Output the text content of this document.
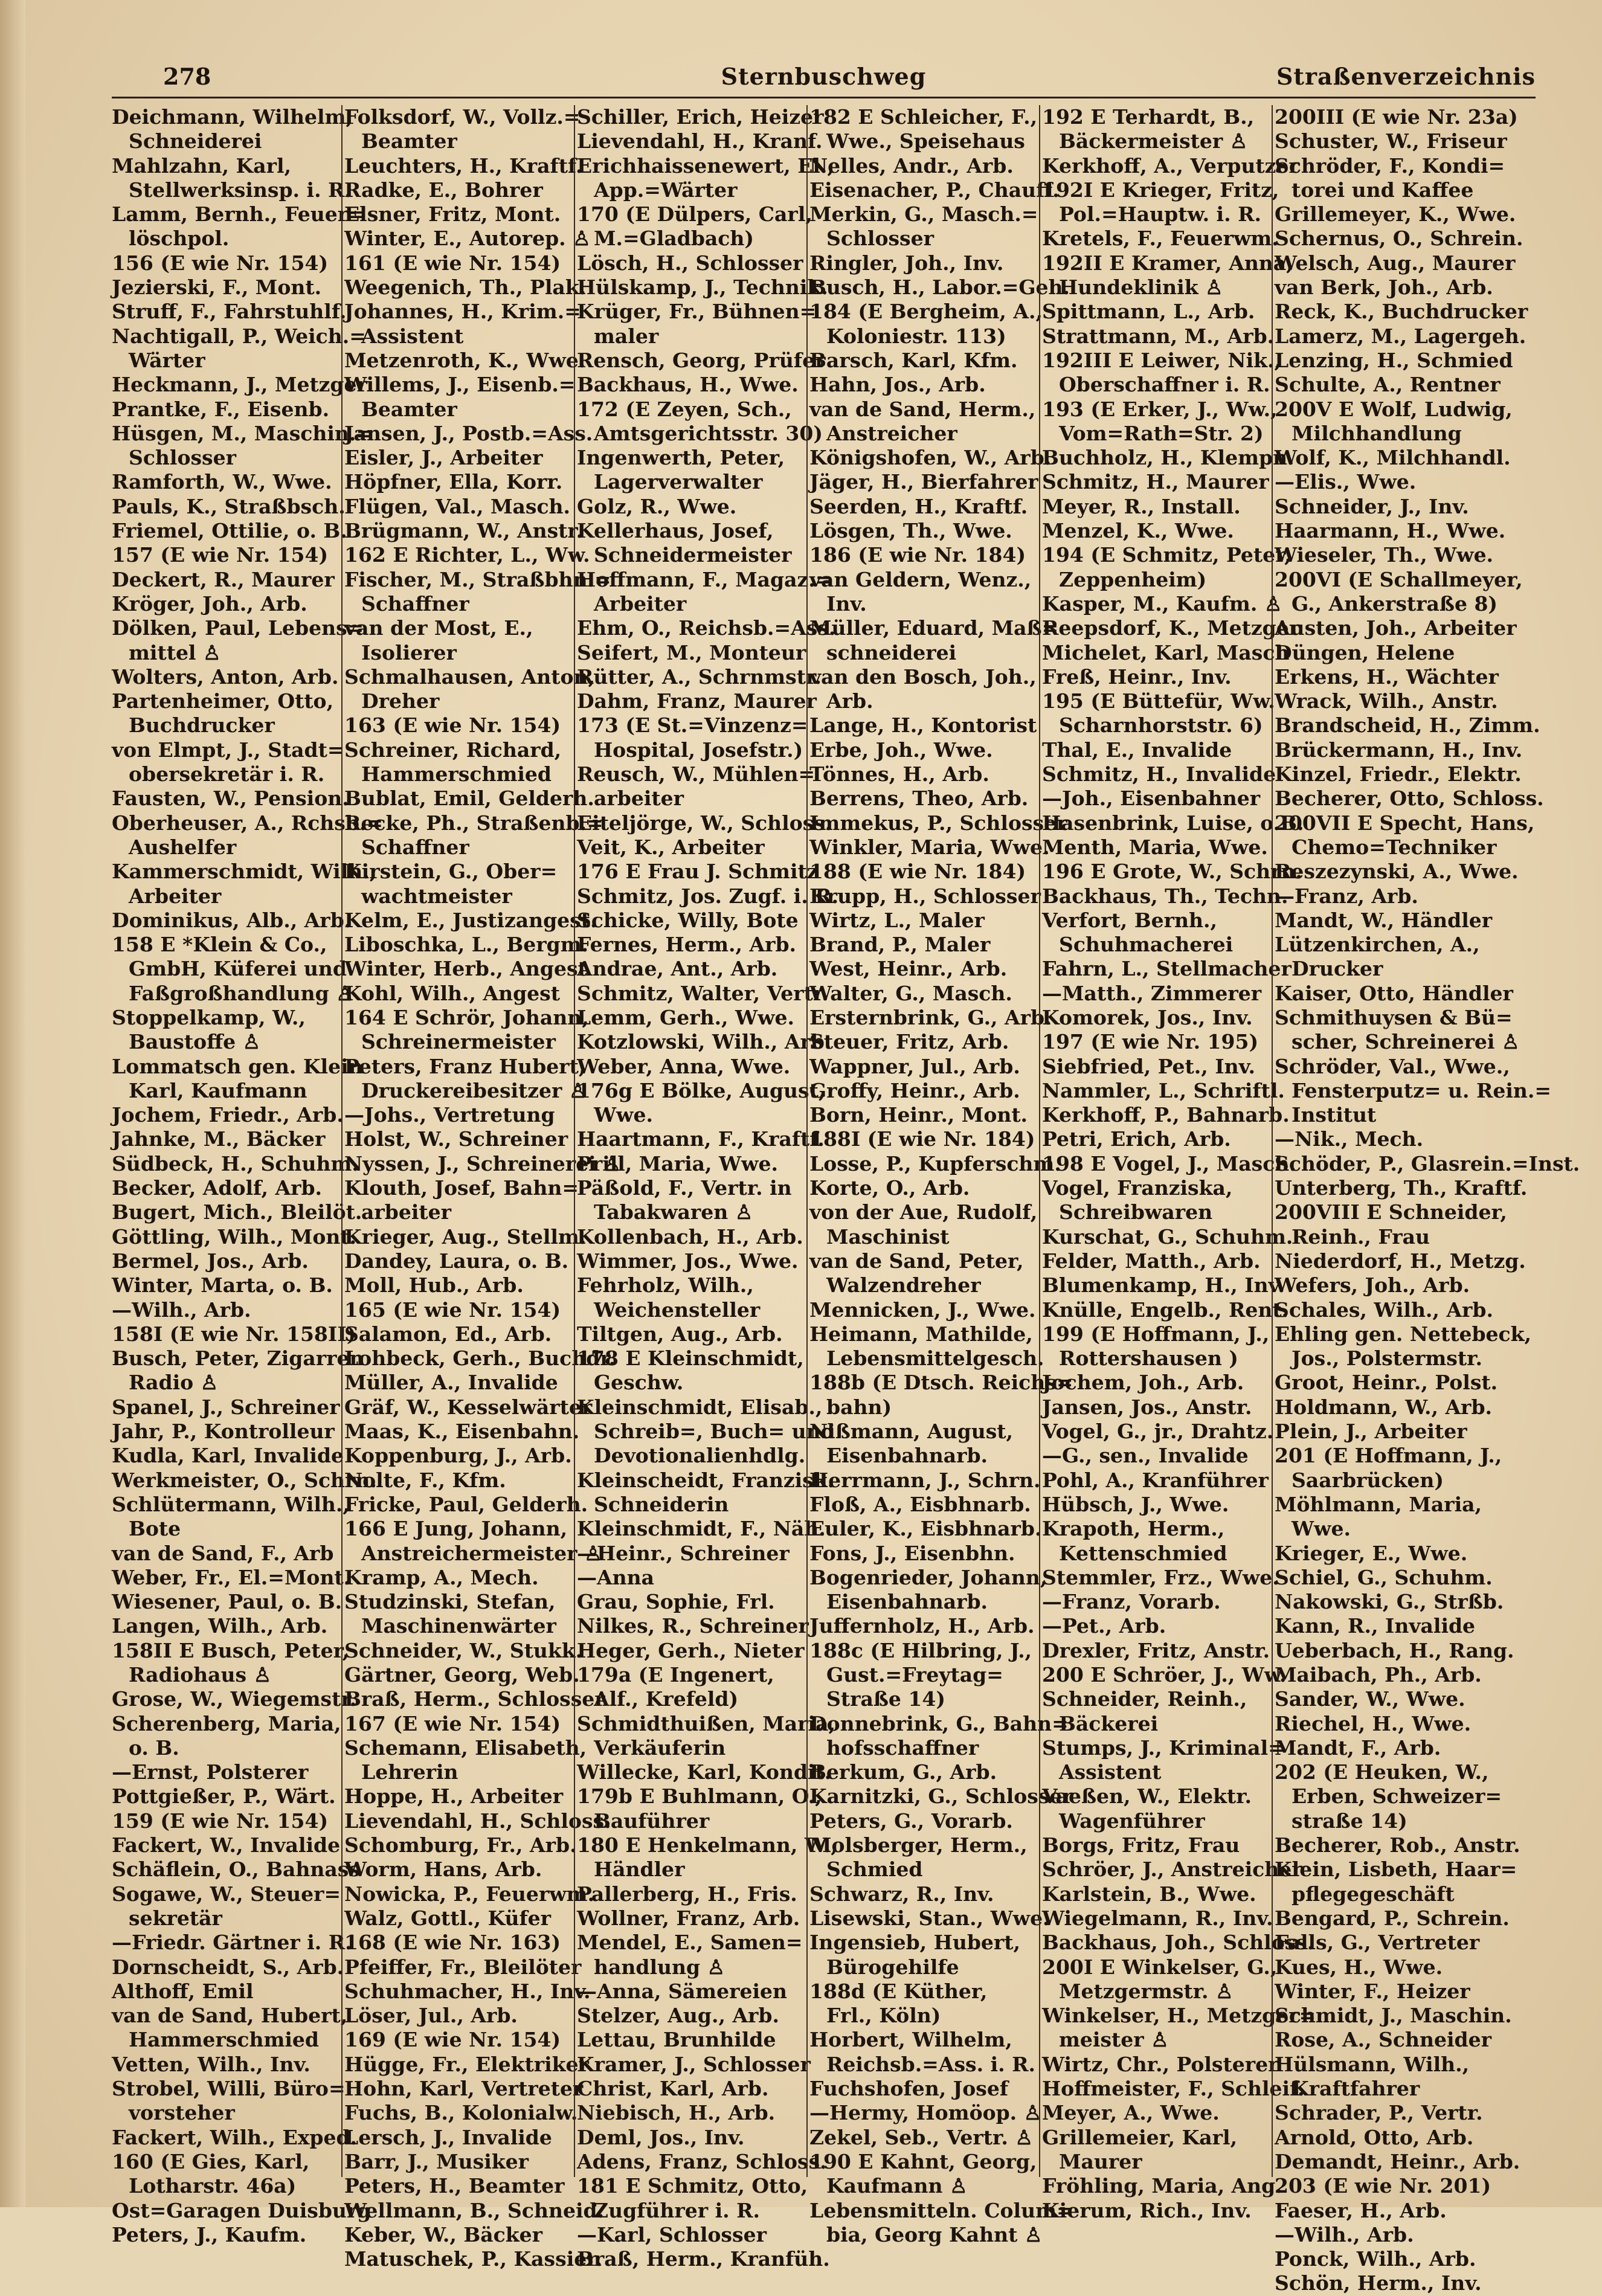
278	Sternbuschweg	Straßenverzeichnis
Deichmann, Wilhelm,
Schneiderei
Mahlzahn, Karl,
Stellwerksinsp. i. R.
Lamm, Bernh., Feuer=
löschpol.
156 (E wie Nr. 154)
Jezierski, F., Mont.
Struff, F., Fahrstuhlf.
Nachtigall, P., Weich.=
Wärter
Heckmann, J., Metzger
Prantke, F., Eisenb.
Hüsgen, M., Maschin.=
Schlosser
Ramforth, W., Wwe.
Pauls, K., Straßbsch.
Friemel, Ottilie, o. B.
157 (E wie Nr. 154)
Deckert, R., Maurer
Kröger, Joh., Arb.
Dölken, Paul, Lebens=
mittel ♙
Wolters, Anton, Arb.
Partenheimer, Otto,
Buchdrucker
von Elmpt, J., Stadt=
obersekretär i. R.
Fausten, W., Pension.
Oberheuser, A., Rchsb.=
Aushelfer
Kammerschmidt, Wilh.,
Arbeiter
Dominikus, Alb., Arb.
158 E *Klein & Co.,
GmbH, Küferei und
Faßgroßhandlung ♙
Stoppelkamp, W.,
Baustoffe ♙
Lommatsch gen. Klein
Karl, Kaufmann
Jochem, Friedr., Arb.
Jahnke, M., Bäcker
Südbeck, H., Schuhm.
Becker, Adolf, Arb.
Bugert, Mich., Bleilöt.
Göttling, Wilh., Mont.
Bermel, Jos., Arb.
Winter, Marta, o. B.
—Wilh., Arb.
158I (E wie Nr. 158II)
Busch, Peter, Zigarren
Radio ♙
Spanel, J., Schreiner
Jahr, P., Kontrolleur
Kudla, Karl, Invalide
Werkmeister, O., Schrn.
Schlütermann, Wilh.,
Bote
van de Sand, F., Arb
Weber, Fr., El.=Mont.
Wiesener, Paul, o. B.
Langen, Wilh., Arb.
158II E Busch, Peter,
Radiohaus ♙
Grose, W., Wiegemstr.
Scherenberg, Maria,
o. B.
—Ernst, Polsterer
Pottgießer, P., Wärt.
159 (E wie Nr. 154)
Fackert, W., Invalide
Schäflein, O., Bahnass
Sogawe, W., Steuer=
sekretär
—Friedr. Gärtner i. R.
Dornscheidt, S., Arb.
Althoff, Emil
van de Sand, Hubert,
Hammerschmied
Vetten, Wilh., Inv.
Strobel, Willi, Büro=
vorsteher
Fackert, Wilh., Exped.
160 (E Gies, Karl,
Lotharstr. 46a)
Ost=Garagen Duisburg
Peters, J., Kaufm.
Folksdorf, W., Vollz.=
Beamter
Leuchters, H., Kraftf.
Radke, E., Bohrer
Elsner, Fritz, Mont.
Winter, E., Autorep. ♙
161 (E wie Nr. 154)
Weegenich, Th., Plak.
Johannes, H., Krim.=
Assistent
Metzenroth, K., Wwe.
Willems, J., Eisenb.=
Beamter
Jansen, J., Postb.=Ass.
Eisler, J., Arbeiter
Höpfner, Ella, Korr.
Flügen, Val., Masch.
Brügmann, W., Anstr.
162 E Richter, L., Ww.
Fischer, M., Straßbhn.=
Schaffner
van der Most, E.,
Isolierer
Schmalhausen, Anton,
Dreher
163 (E wie Nr. 154)
Schreiner, Richard,
Hammerschmied
Bublat, Emil, Gelderh.
Recke, Ph., Straßenb.=
Schaffner
Kirstein, G., Ober=
wachtmeister
Kelm, E., Justizangest.
Liboschka, L., Bergm.
Winter, Herb., Angest
Kohl, Wilh., Angest
164 E Schrör, Johann,
Schreinermeister
Peters, Franz Hubert,
Druckereibesitzer ♙
—Johs., Vertretung
Holst, W., Schreiner
Nyssen, J., Schreinerei ♙
Klouth, Josef, Bahn=
arbeiter
Krieger, Aug., Stellm.
Dandey, Laura, o. B.
Moll, Hub., Arb.
165 (E wie Nr. 154)
Salamon, Ed., Arb.
Lohbeck, Gerh., Buchdr.
Müller, A., Invalide
Gräf, W., Kesselwärter
Maas, K., Eisenbahn.
Koppenburg, J., Arb.
Nolte, F., Kfm.
Fricke, Paul, Gelderh.
166 E Jung, Johann,
Anstreichermeister ♙
Kramp, A., Mech.
Studzinski, Stefan,
Maschinenwärter
Schneider, W., Stukk.
Gärtner, Georg, Web.
Braß, Herm., Schlosser
167 (E wie Nr. 154)
Schemann, Elisabeth,
Lehrerin
Hoppe, H., Arbeiter
Lievendahl, H., Schloss.
Schomburg, Fr., Arb.
Worm, Hans, Arb.
Nowicka, P., Feuerwm.
Walz, Gottl., Küfer
168 (E wie Nr. 163)
Pfeiffer, Fr., Bleilöter
Schuhmacher, H., Inv.
Löser, Jul., Arb.
169 (E wie Nr. 154)
Hügge, Fr., Elektriker
Hohn, Karl, Vertreter
Fuchs, B., Kolonialw.
Lersch, J., Invalide
Barr, J., Musiker
Peters, H., Beamter
Wellmann, B., Schneid.
Keber, W., Bäcker
Matuschek, P., Kassier.
Schiller, Erich, Heizer
Lievendahl, H., Kranf.
Erichhaissenewert, El.,
App.=Wärter
170 (E Dülpers, Carl,
M.=Gladbach)
Lösch, H., Schlosser
Hülskamp, J., Technik.
Krüger, Fr., Bühnen=
maler
Rensch, Georg, Prüfer
Backhaus, H., Wwe.
172 (E Zeyen, Sch.,
Amtsgerichtsstr. 30)
Ingenwerth, Peter,
Lagerverwalter
Golz, R., Wwe.
Kellerhaus, Josef,
Schneidermeister
Hoffmann, F., Magaz.=
Arbeiter
Ehm, O., Reichsb.=Ass.
Seifert, M., Monteur
Rütter, A., Schrnmstr.
Dahm, Franz, Maurer
173 (E St.=Vinzenz=
Hospital, Josefstr.)
Reusch, W., Mühlen=
arbeiter
Eiteljörge, W., Schloss.
Veit, K., Arbeiter
176 E Frau J. Schmitz
Schmitz, Jos. Zugf. i. R.
Schicke, Willy, Bote
Fernes, Herm., Arb.
Andrae, Ant., Arb.
Schmitz, Walter, Vertr.
Lemm, Gerh., Wwe.
Kotzlowski, Wilh., Arb.
Weber, Anna, Wwe.
176g E Bölke, August,
Wwe.
Haartmann, F., Kraftf.
Prill, Maria, Wwe.
Päßold, F., Vertr. in
Tabakwaren ♙
Kollenbach, H., Arb.
Wimmer, Jos., Wwe.
Fehrholz, Wilh.,
Weichensteller
Tiltgen, Aug., Arb.
178 E Kleinschmidt,
Geschw.
Kleinschmidt, Elisab.,
Schreib=, Buch= und
Devotionalienhdlg.
Kleinscheidt, Franzisk.
Schneiderin
Kleinschmidt, F., Näh.
—Heinr., Schreiner
—Anna
Grau, Sophie, Frl.
Nilkes, R., Schreiner
Heger, Gerh., Nieter
179a (E Ingenert,
Alf., Krefeld)
Schmidthuißen, Maria,
Verkäuferin
Willecke, Karl, Kondit.
179b E Buhlmann, O.,
Bauführer
180 E Henkelmann, W.,
Händler
Pallerberg, H., Fris.
Wollner, Franz, Arb.
Mendel, E., Samen=
handlung ♙
—Anna, Sämereien
Stelzer, Aug., Arb.
Lettau, Brunhilde
Kramer, J., Schlosser
Christ, Karl, Arb.
Niebisch, H., Arb.
Deml, Jos., Inv.
Adens, Franz, Schloss.
181 E Schmitz, Otto,
Zugführer i. R.
—Karl, Schlosser
Braß, Herm., Kranfüh.
182 E Schleicher, F.,
Wwe., Speisehaus
Nelles, Andr., Arb.
Eisenacher, P., Chauff.
Merkin, G., Masch.=
Schlosser
Ringler, Joh., Inv.
Busch, H., Labor.=Geh.
184 (E Bergheim, A.,
Koloniestr. 113)
Barsch, Karl, Kfm.
Hahn, Jos., Arb.
van de Sand, Herm.,
Anstreicher
Königshofen, W., Arb.
Jäger, H., Bierfahrer
Seerden, H., Kraftf.
Lösgen, Th., Wwe.
186 (E wie Nr. 184)
van Geldern, Wenz.,
Inv.
Müller, Eduard, Maß=
schneiderei
van den Bosch, Joh.,
Arb.
Lange, H., Kontorist
Erbe, Joh., Wwe.
Tönnes, H., Arb.
Berrens, Theo, Arb.
Immekus, P., Schlosser
Winkler, Maria, Wwe.
188 (E wie Nr. 184)
Krupp, H., Schlosser
Wirtz, L., Maler
Brand, P., Maler
West, Heinr., Arb.
Walter, G., Masch.
Ersternbrink, G., Arb.
Steuer, Fritz, Arb.
Wappner, Jul., Arb.
Groffy, Heinr., Arb.
Born, Heinr., Mont.
188I (E wie Nr. 184)
Losse, P., Kupferschm.
Korte, O., Arb.
von der Aue, Rudolf,
Maschinist
van de Sand, Peter,
Walzendreher
Mennicken, J., Wwe.
Heimann, Mathilde,
Lebensmittelgesch.
188b (E Dtsch. Reichs=
bahn)
Nißmann, August,
Eisenbahnarb.
Herrmann, J., Schrn.
Floß, A., Eisbhnarb.
Euler, K., Eisbhnarb.
Fons, J., Eisenbhn.
Bogenrieder, Johann,
Eisenbahnarb.
Juffernholz, H., Arb.
188c (E Hilbring, J.,
Gust.=Freytag=
Straße 14)
Donnebrink, G., Bahn=
hofsschaffner
Berkum, G., Arb.
Karnitzki, G., Schlosser
Peters, G., Vorarb.
Molsberger, Herm.,
Schmied
Schwarz, R., Inv.
Lisewski, Stan., Wwe.
Ingensieb, Hubert,
Bürogehilfe
188d (E Küther,
Frl., Köln)
Horbert, Wilhelm,
Reichsb.=Ass. i. R.
Fuchshofen, Josef
—Hermy, Homöop. ♙
Zekel, Seb., Vertr. ♙
190 E Kahnt, Georg,
Kaufmann ♙
Lebensmitteln. Colum=
bia, Georg Kahnt ♙
192 E Terhardt, B.,
Bäckermeister ♙
Kerkhoff, A., Verputzer
192I E Krieger, Fritz,
Pol.=Hauptw. i. R.
Kretels, F., Feuerwm.
192II E Kramer, Anna,
Hundeklinik ♙
Spittmann, L., Arb.
Strattmann, M., Arb.
192III E Leiwer, Nik.,
Oberschaffner i. R.
193 (E Erker, J., Ww.,
Vom=Rath=Str. 2)
Buchholz, H., Klempn.
Schmitz, H., Maurer
Meyer, R., Install.
Menzel, K., Wwe.
194 (E Schmitz, Peter,
Zeppenheim)
Kasper, M., Kaufm. ♙
Reepsdorf, K., Metzger
Michelet, Karl, Masch
Freß, Heinr., Inv.
195 (E Büttefür, Ww.
Scharnhorststr. 6)
Thal, E., Invalide
Schmitz, H., Invalide
—Joh., Eisenbahner
Hasenbrink, Luise, o.B.
Menth, Maria, Wwe.
196 E Grote, W., Schrn.
Backhaus, Th., Techn.
Verfort, Bernh.,
Schuhmacherei
Fahrn, L., Stellmacher
—Matth., Zimmerer
Komorek, Jos., Inv.
197 (E wie Nr. 195)
Siebfried, Pet., Inv.
Nammler, L., Schriftl.
Kerkhoff, P., Bahnarb.
Petri, Erich, Arb.
198 E Vogel, J., Masch.
Vogel, Franziska,
Schreibwaren
Kurschat, G., Schuhm.
Felder, Matth., Arb.
Blumenkamp, H., Inv.
Knülle, Engelb., Rent.
199 (E Hoffmann, J.,
Rottershausen )
Jochem, Joh., Arb.
Jansen, Jos., Anstr.
Vogel, G., jr., Drahtz.
—G., sen., Invalide
Pohl, A., Kranführer
Hübsch, J., Wwe.
Krapoth, Herm.,
Kettenschmied
Stemmler, Frz., Wwe.
—Franz, Vorarb.
—Pet., Arb.
Drexler, Fritz, Anstr.
200 E Schröer, J., Ww.
Schneider, Reinh.,
Bäckerei
Stumps, J., Kriminal=
Assistent
Vaeßen, W., Elektr.
Wagenführer
Borgs, Fritz, Frau
Schröer, J., Anstreicher
Karlstein, B., Wwe.
Wiegelmann, R., Inv.
Backhaus, Joh., Schloss.
200I E Winkelser, G.,
Metzgermstr. ♙
Winkelser, H., Metzger=
meister ♙
Wirtz, Chr., Polsterer
Hoffmeister, F., Schleif.
Meyer, A., Wwe.
Grillemeier, Karl,
Maurer
Fröhling, Maria, Ang.
Kierum, Rich., Inv.
200III (E wie Nr. 23a)
Schuster, W., Friseur
Schröder, F., Kondi=
torei und Kaffee
Grillemeyer, K., Wwe.
Schernus, O., Schrein.
Welsch, Aug., Maurer
van Berk, Joh., Arb.
Reck, K., Buchdrucker
Lamerz, M., Lagergeh.
Lenzing, H., Schmied
Schulte, A., Rentner
200V E Wolf, Ludwig,
Milchhandlung
Wolf, K., Milchhandl.
—Elis., Wwe.
Schneider, J., Inv.
Haarmann, H., Wwe.
Wieseler, Th., Wwe.
200VI (E Schallmeyer,
G., Ankerstraße 8)
Austen, Joh., Arbeiter
Düngen, Helene
Erkens, H., Wächter
Wrack, Wilh., Anstr.
Brandscheid, H., Zimm.
Brückermann, H., Inv.
Kinzel, Friedr., Elektr.
Becherer, Otto, Schloss.
200VII E Specht, Hans,
Chemo=Techniker
Reszezynski, A., Wwe.
—Franz, Arb.
Mandt, W., Händler
Lützenkirchen, A.,
Drucker
Kaiser, Otto, Händler
Schmithuysen & Bü=
scher, Schreinerei ♙
Schröder, Val., Wwe.,
Fensterputz= u. Rein.=
Institut
—Nik., Mech.
Schöder, P., Glasrein.=Inst.
Unterberg, Th., Kraftf.
200VIII E Schneider,
Reinh., Frau
Niederdorf, H., Metzg.
Wefers, Joh., Arb.
Schales, Wilh., Arb.
Ehling gen. Nettebeck,
Jos., Polstermstr.
Groot, Heinr., Polst.
Holdmann, W., Arb.
Plein, J., Arbeiter
201 (E Hoffmann, J.,
Saarbrücken)
Möhlmann, Maria,
Wwe.
Krieger, E., Wwe.
Schiel, G., Schuhm.
Nakowski, G., Strßb.
Kann, R., Invalide
Ueberbach, H., Rang.
Maibach, Ph., Arb.
Sander, W., Wwe.
Riechel, H., Wwe.
Mandt, F., Arb.
202 (E Heuken, W.,
Erben, Schweizer=
straße 14)
Becherer, Rob., Anstr.
Klein, Lisbeth, Haar=
pflegegeschäft
Bengard, P., Schrein.
Falls, G., Vertreter
Kues, H., Wwe.
Winter, F., Heizer
Schmidt, J., Maschin.
Rose, A., Schneider
Hülsmann, Wilh.,
Kraftfahrer
Schrader, P., Vertr.
Arnold, Otto, Arb.
Demandt, Heinr., Arb.
203 (E wie Nr. 201)
Faeser, H., Arb.
—Wilh., Arb.
Ponck, Wilh., Arb.
Schön, Herm., Inv.
